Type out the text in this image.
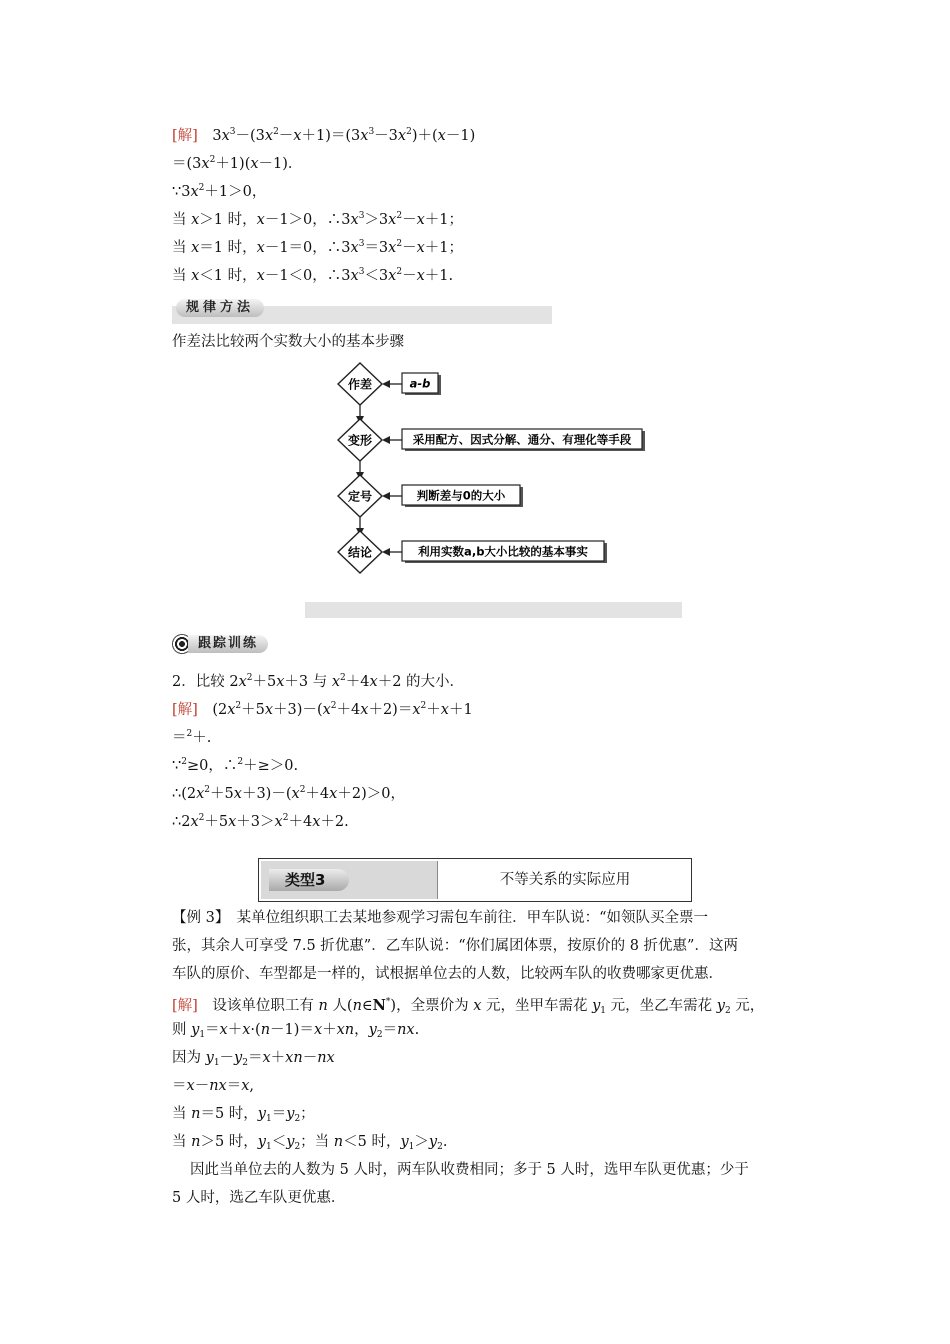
[解]　 $3x^3-(3x^2-x+1)=(3x^3-3x^2)+(x-1)$
$=(3x^2+1)(x-1)$．
$\because 3x^2+1>0$，
当 x＞1 时，x－1＞0，$\therefore 3x^3>3x^2-x+1$；
当 x＝1 时，x－1＝0，$\therefore 3x^3=3x^2-x+1$；
当 x＜1 时，x－1＜0，$\therefore 3x^3<3x^2-x+1$.
规律方法
作差法比较两个实数大小的基本步骤
作差	a-b
变形	采用配方、因式分解、通分、有理化等手段
定号	判断差与0的大小
结论	利用实数a,b大小比较的基本事实
跟踪训练
2．比较 $2x^2+5x+3$ 与 $x^2+4x+2$ 的大小．
[解]　 $(2x^2+5x+3)-(x^2+4x+2)=x^2+x+1$
＝$^2$＋.
∵$^2$≥0，∴$^2$＋≥＞0.
$\therefore(2x^2+5x+3)-(x^2+4x+2)>0$，
$\therefore 2x^2+5x+3>x^2+4x+2$.
类型3	不等关系的实际应用
【例 3】　某单位组织职工去某地参观学习需包车前往．甲车队说：“如领队买全票一
张，其余人可享受 7.5 折优惠”．乙车队说：“你们属团体票，按原价的 8 折优惠”．这两
车队的原价、车型都是一样的，试根据单位去的人数，比较两车队的收费哪家更优惠．
[解]　 设该单位职工有 n 人(n∈N*)，全票价为 x 元，坐甲车需花 $y_1$ 元，坐乙车需花 $y_2$ 元，
则 $y_1=x+x\cdot(n-1)=x+xn$，$y_2=nx$.
因为 $y_1-y_2=x+xn-nx$
＝x－nx＝x,
当 n＝5 时，$y_1=y_2$；
当 n＞5 时，$y_1<y_2$；当 n＜5 时，$y_1>y_2$.
因此当单位去的人数为 5 人时，两车队收费相同；多于 5 人时，选甲车队更优惠；少于
5 人时，选乙车队更优惠．
